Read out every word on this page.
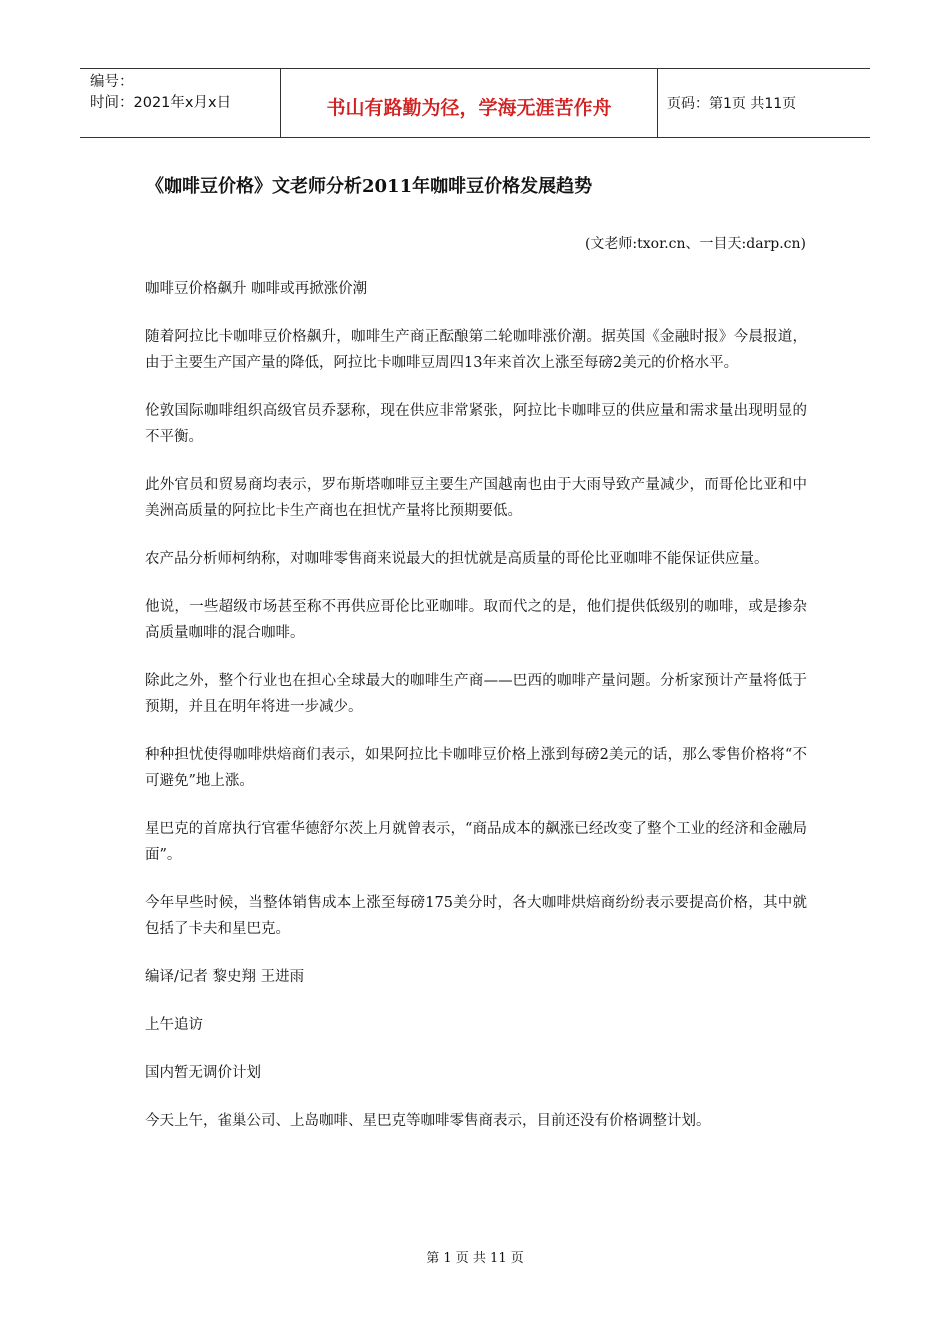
编号：
时间：2021年x月x日	书山有路勤为径，学海无涯苦作舟	页码：第1页 共11页
《咖啡豆价格》文老师分析2011年咖啡豆价格发展趋势
(文老师:txor.cn、一目天:darp.cn)

咖啡豆价格飙升 咖啡或再掀涨价潮

随着阿拉比卡咖啡豆价格飙升，咖啡生产商正酝酿第二轮咖啡涨价潮。据英国《金融时报》今晨报道，由于主要生产国产量的降低，阿拉比卡咖啡豆周四13年来首次上涨至每磅2美元的价格水平。

伦敦国际咖啡组织高级官员乔瑟称，现在供应非常紧张，阿拉比卡咖啡豆的供应量和需求量出现明显的不平衡。

此外官员和贸易商均表示，罗布斯塔咖啡豆主要生产国越南也由于大雨导致产量减少，而哥伦比亚和中美洲高质量的阿拉比卡生产商也在担忧产量将比预期要低。

农产品分析师柯纳称，对咖啡零售商来说最大的担忧就是高质量的哥伦比亚咖啡不能保证供应量。

他说，一些超级市场甚至称不再供应哥伦比亚咖啡。取而代之的是，他们提供低级别的咖啡，或是掺杂高质量咖啡的混合咖啡。

除此之外，整个行业也在担心全球最大的咖啡生产商——巴西的咖啡产量问题。分析家预计产量将低于预期，并且在明年将进一步减少。

种种担忧使得咖啡烘焙商们表示，如果阿拉比卡咖啡豆价格上涨到每磅2美元的话，那么零售价格将“不可避免”地上涨。

星巴克的首席执行官霍华德舒尔茨上月就曾表示，“商品成本的飙涨已经改变了整个工业的经济和金融局面”。

今年早些时候，当整体销售成本上涨至每磅175美分时，各大咖啡烘焙商纷纷表示要提高价格，其中就包括了卡夫和星巴克。

编译/记者 黎史翔 王进雨

上午追访

国内暂无调价计划

今天上午，雀巢公司、上岛咖啡、星巴克等咖啡零售商表示，目前还没有价格调整计划。

第 1 页 共 11 页
